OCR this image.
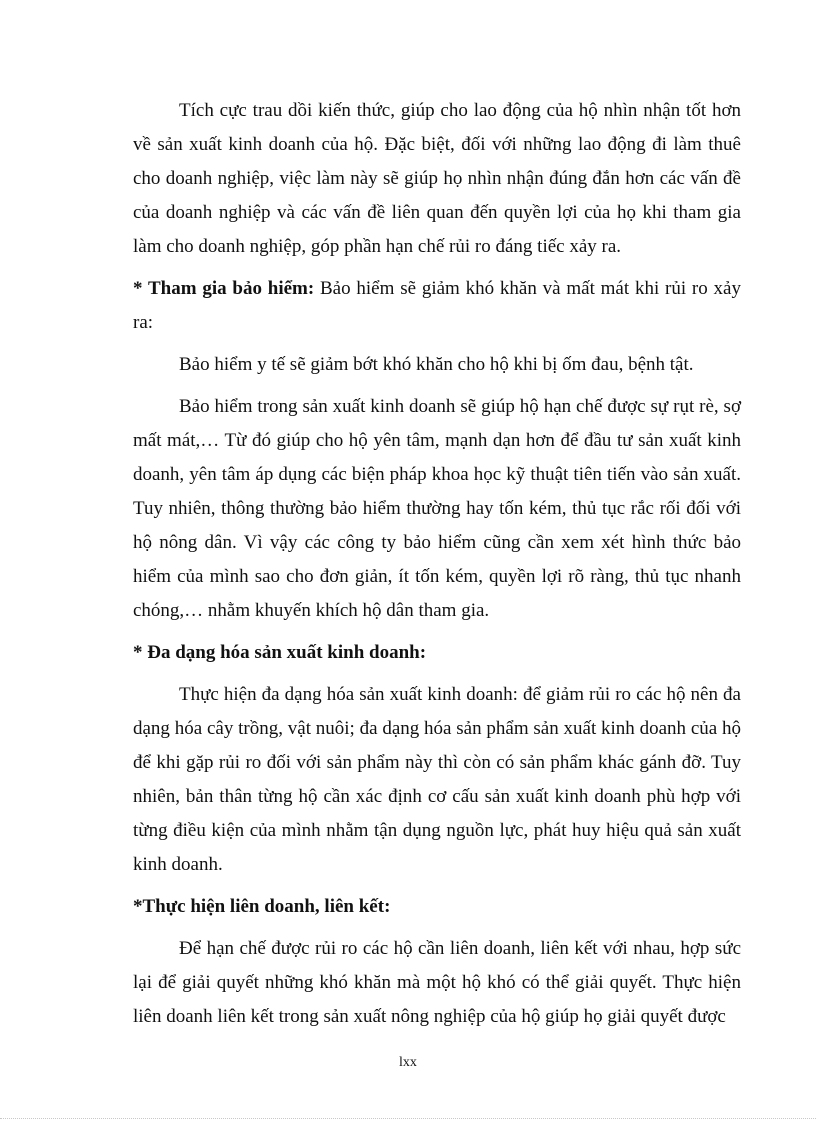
Tích cực trau dồi kiến thức, giúp cho lao động của hộ nhìn nhận tốt hơn về sản xuất kinh doanh của hộ. Đặc biệt, đối với những lao động đi làm thuê cho doanh nghiệp, việc làm này sẽ giúp họ nhìn nhận đúng đắn hơn các vấn đề của doanh nghiệp và các vấn đề liên quan đến quyền lợi của họ khi tham gia làm cho doanh nghiệp, góp phần hạn chế rủi ro đáng tiếc xảy ra.

* Tham gia bảo hiểm: Bảo hiểm sẽ giảm khó khăn và mất mát khi rủi ro xảy ra:

Bảo hiểm y tế sẽ giảm bớt khó khăn cho hộ khi bị ốm đau, bệnh tật.

Bảo hiểm trong sản xuất kinh doanh sẽ giúp hộ hạn chế được sự rụt rè, sợ mất mát,… Từ đó giúp cho hộ yên tâm, mạnh dạn hơn để đầu tư sản xuất kinh doanh, yên tâm áp dụng các biện pháp khoa học kỹ thuật tiên tiến vào sản xuất. Tuy nhiên, thông thường bảo hiểm thường hay tốn kém, thủ tục rắc rối đối với hộ nông dân. Vì vậy các công ty bảo hiểm cũng cần xem xét hình thức bảo hiểm của mình sao cho đơn giản, ít tốn kém, quyền lợi rõ ràng, thủ tục nhanh chóng,… nhằm khuyến khích hộ dân tham gia.

* Đa dạng hóa sản xuất kinh doanh:

Thực hiện đa dạng hóa sản xuất kinh doanh: để giảm rủi ro các hộ nên đa dạng hóa cây trồng, vật nuôi; đa dạng hóa sản phẩm sản xuất kinh doanh của hộ để khi gặp rủi ro đối với sản phẩm này thì còn có sản phẩm khác gánh đỡ. Tuy nhiên, bản thân từng hộ cần xác định cơ cấu sản xuất kinh doanh phù hợp với từng điều kiện của mình nhằm tận dụng nguồn lực, phát huy hiệu quả sản xuất kinh doanh.

*Thực hiện liên doanh, liên kết:

Để hạn chế được rủi ro các hộ cần liên doanh, liên kết với nhau, hợp sức lại để giải quyết những khó khăn mà một hộ khó có thể giải quyết. Thực hiện liên doanh liên kết trong sản xuất nông nghiệp của hộ giúp họ giải quyết được

lxx
